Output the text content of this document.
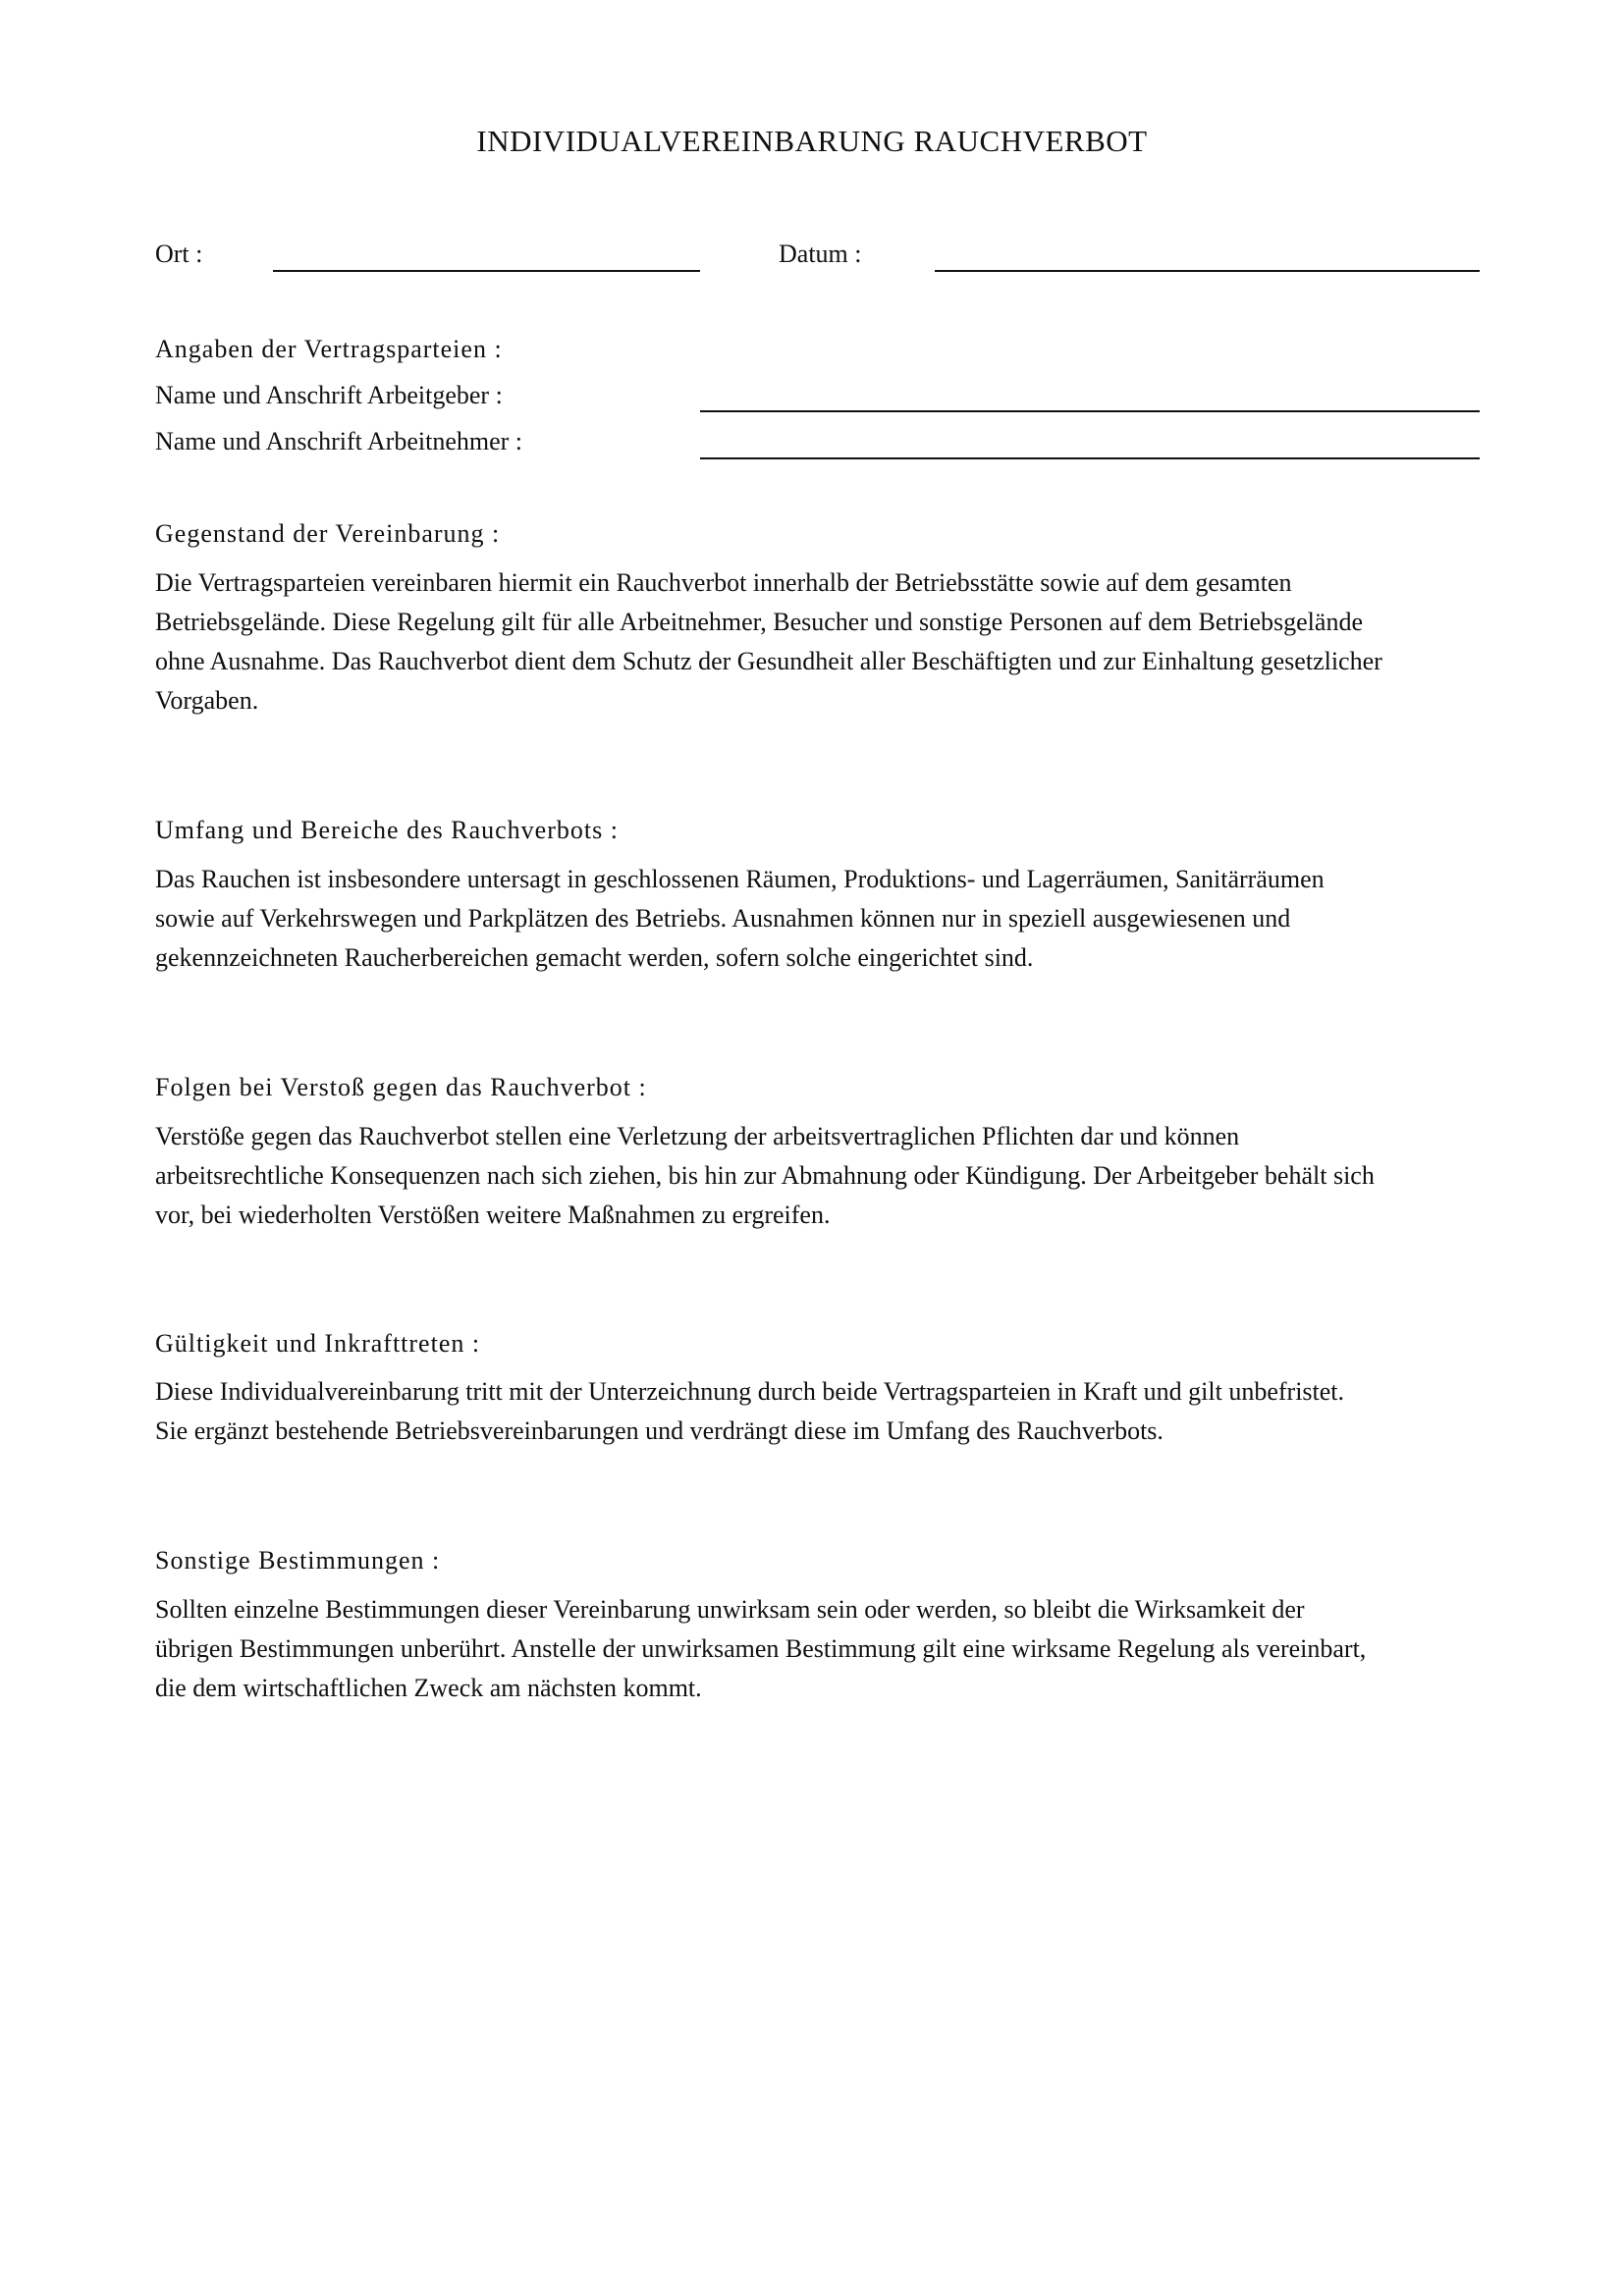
INDIVIDUALVEREINBARUNG RAUCHVERBOT
Ort :	Datum :
Angaben der Vertragsparteien :
Name und Anschrift Arbeitgeber :
Name und Anschrift Arbeitnehmer :
Gegenstand der Vereinbarung :
Die Vertragsparteien vereinbaren hiermit ein Rauchverbot innerhalb der Betriebsstätte sowie auf dem gesamten
Betriebsgelände. Diese Regelung gilt für alle Arbeitnehmer, Besucher und sonstige Personen auf dem Betriebsgelände
ohne Ausnahme. Das Rauchverbot dient dem Schutz der Gesundheit aller Beschäftigten und zur Einhaltung gesetzlicher
Vorgaben.
Umfang und Bereiche des Rauchverbots :
Das Rauchen ist insbesondere untersagt in geschlossenen Räumen, Produktions- und Lagerräumen, Sanitärräumen
sowie auf Verkehrswegen und Parkplätzen des Betriebs. Ausnahmen können nur in speziell ausgewiesenen und
gekennzeichneten Raucherbereichen gemacht werden, sofern solche eingerichtet sind.
Folgen bei Verstoß gegen das Rauchverbot :
Verstöße gegen das Rauchverbot stellen eine Verletzung der arbeitsvertraglichen Pflichten dar und können
arbeitsrechtliche Konsequenzen nach sich ziehen, bis hin zur Abmahnung oder Kündigung. Der Arbeitgeber behält sich
vor, bei wiederholten Verstößen weitere Maßnahmen zu ergreifen.
Gültigkeit und Inkrafttreten :
Diese Individualvereinbarung tritt mit der Unterzeichnung durch beide Vertragsparteien in Kraft und gilt unbefristet.
Sie ergänzt bestehende Betriebsvereinbarungen und verdrängt diese im Umfang des Rauchverbots.
Sonstige Bestimmungen :
Sollten einzelne Bestimmungen dieser Vereinbarung unwirksam sein oder werden, so bleibt die Wirksamkeit der
übrigen Bestimmungen unberührt. Anstelle der unwirksamen Bestimmung gilt eine wirksame Regelung als vereinbart,
die dem wirtschaftlichen Zweck am nächsten kommt.
